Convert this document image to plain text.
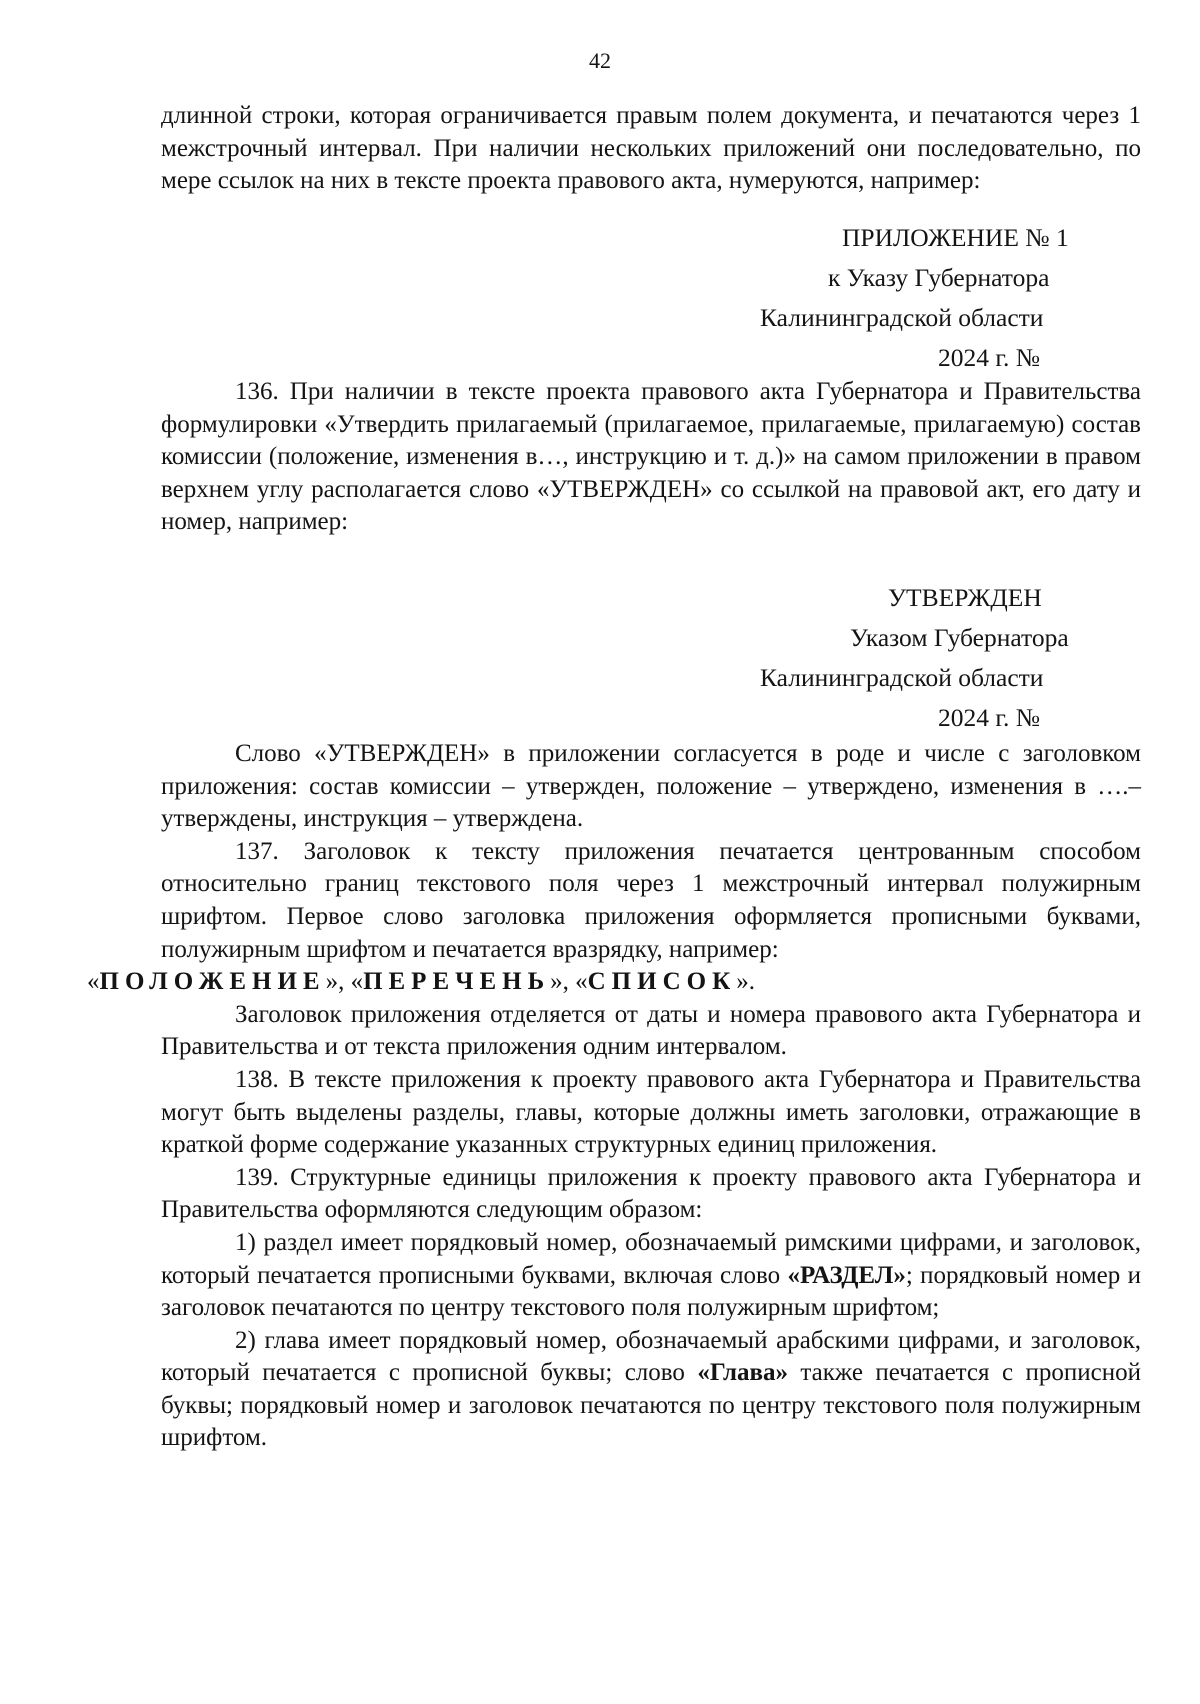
42

длинной строки, которая ограничивается правым полем документа, и печатаются через 1 межстрочный интервал. При наличии нескольких приложений они последовательно, по мере ссылок на них в тексте проекта правового акта, нумеруются, например:

ПРИЛОЖЕНИЕ № 1
к Указу Губернатора
Калининградской области
2024 г. №

136. При наличии в тексте проекта правового акта Губернатора и Правительства формулировки «Утвердить прилагаемый (прилагаемое, прилагаемые, прилагаемую) состав комиссии (положение, изменения в…, инструкцию и т. д.)» на самом приложении в правом верхнем углу располагается слово «УТВЕРЖДЕН» со ссылкой на правовой акт, его дату и номер, например:

УТВЕРЖДЕН
Указом Губернатора
Калининградской области
2024 г. №

Слово «УТВЕРЖДЕН» в приложении согласуется в роде и числе с заголовком приложения: состав комиссии – утвержден, положение – утверждено, изменения в ….– утверждены, инструкция – утверждена.

137. Заголовок к тексту приложения печатается центрованным способом относительно границ текстового поля через 1 межстрочный интервал полужирным шрифтом. Первое слово заголовка приложения оформляется прописными буквами, полужирным шрифтом и печатается вразрядку, например:
«ПОЛОЖЕНИЕ», «ПЕРЕЧЕНЬ», «СПИСОК».

Заголовок приложения отделяется от даты и номера правового акта Губернатора и Правительства и от текста приложения одним интервалом.

138. В тексте приложения к проекту правового акта Губернатора и Правительства могут быть выделены разделы, главы, которые должны иметь заголовки, отражающие в краткой форме содержание указанных структурных единиц приложения.

139. Структурные единицы приложения к проекту правового акта Губернатора и Правительства оформляются следующим образом:

1) раздел имеет порядковый номер, обозначаемый римскими цифрами, и заголовок, который печатается прописными буквами, включая слово «РАЗДЕЛ»; порядковый номер и заголовок печатаются по центру текстового поля полужирным шрифтом;

2) глава имеет порядковый номер, обозначаемый арабскими цифрами, и заголовок, который печатается с прописной буквы; слово «Глава» также печатается с прописной буквы; порядковый номер и заголовок печатаются по центру текстового поля полужирным шрифтом.
